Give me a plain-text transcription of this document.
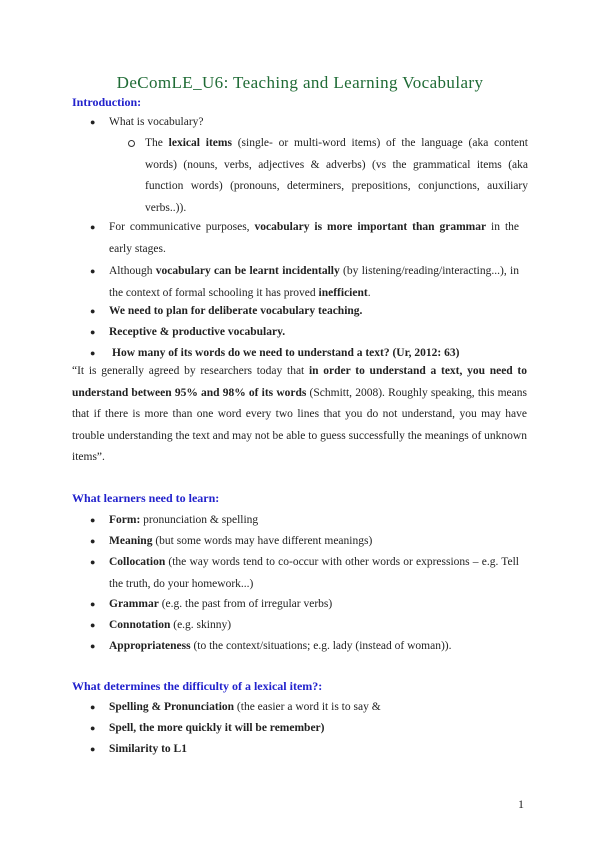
DeComLE_U6: Teaching and Learning Vocabulary
Introduction:
●	What is vocabulary?
The lexical items (single- or multi-word items) of the language (aka content words) (nouns, verbs, adjectives & adverbs) (vs the grammatical items (aka function words) (pronouns, determiners, prepositions, conjunctions, auxiliary verbs..)).
●	For communicative purposes, vocabulary is more important than grammar in the early stages.
●	Although vocabulary can be learnt incidentally (by listening/reading/interacting...), in the context of formal schooling it has proved inefficient.
●	We need to plan for deliberate vocabulary teaching.
●	Receptive & productive vocabulary.
●	How many of its words do we need to understand a text? (Ur, 2012: 63)
“It is generally agreed by researchers today that in order to understand a text, you need to understand between 95% and 98% of its words (Schmitt, 2008). Roughly speaking, this means that if there is more than one word every two lines that you do not understand, you may have trouble understanding the text and may not be able to guess successfully the meanings of unknown items”.
What learners need to learn:
●	Form: pronunciation & spelling
●	Meaning (but some words may have different meanings)
●	Collocation (the way words tend to co-occur with other words or expressions – e.g. Tell the truth, do your homework...)
●	Grammar (e.g. the past from of irregular verbs)
●	Connotation (e.g. skinny)
●	Appropriateness (to the context/situations; e.g. lady (instead of woman)).
What determines the difficulty of a lexical item?:
●	Spelling & Pronunciation (the easier a word it is to say &
●	Spell, the more quickly it will be remember)
●	Similarity to L1
1
